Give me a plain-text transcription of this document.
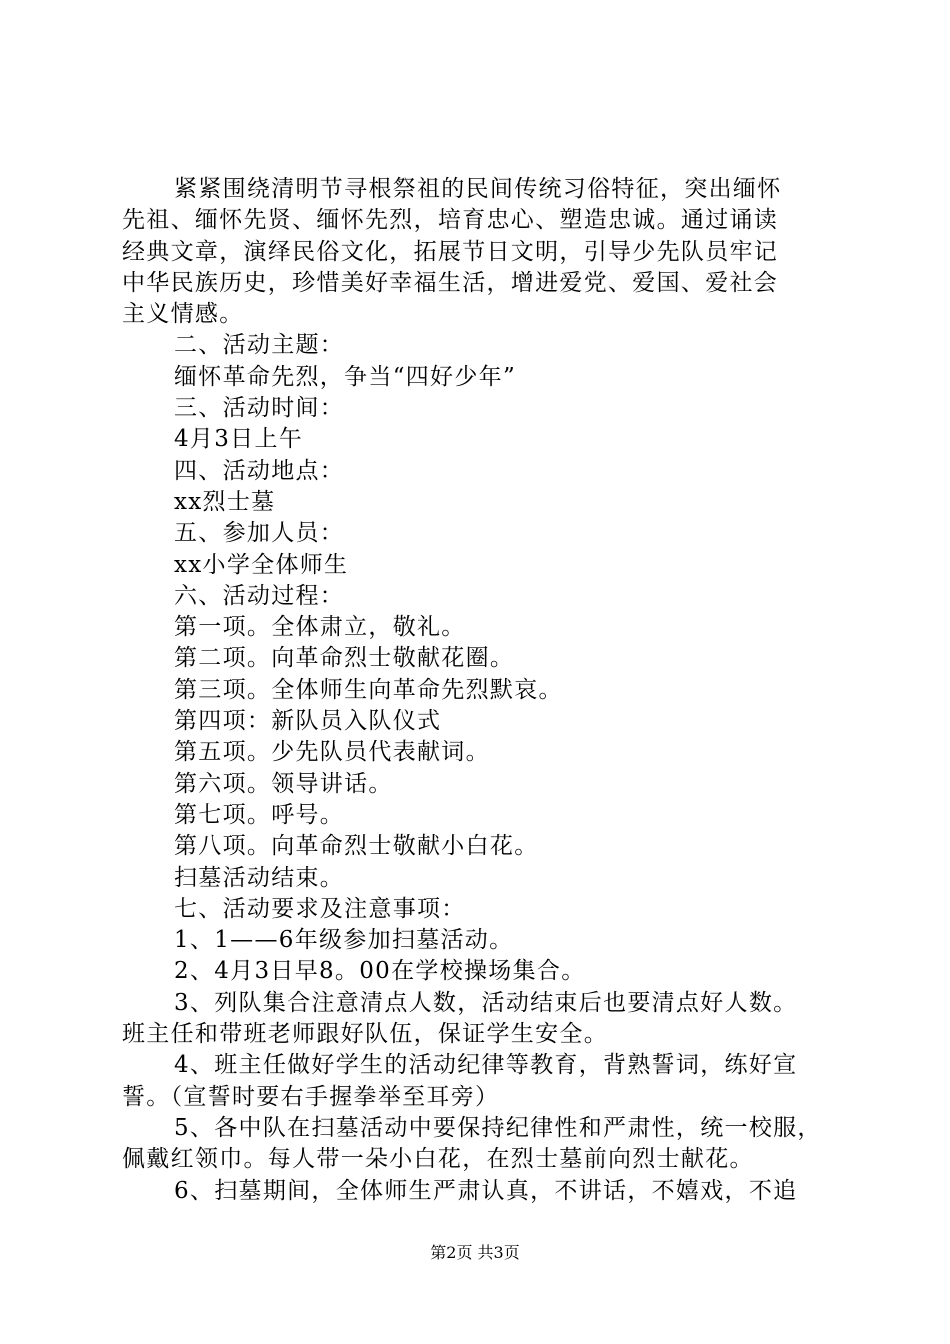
紧紧围绕清明节寻根祭祖的民间传统习俗特征，突出缅怀
先祖、缅怀先贤、缅怀先烈，培育忠心、塑造忠诚。通过诵读
经典文章，演绎民俗文化，拓展节日文明，引导少先队员牢记
中华民族历史，珍惜美好幸福生活，增进爱党、爱国、爱社会
主义情感。
二、活动主题：
缅怀革命先烈，争当“四好少年”
三、活动时间：
4月3日上午
四、活动地点：
xx烈士墓
五、参加人员：
xx小学全体师生
六、活动过程：
第一项。全体肃立，敬礼。
第二项。向革命烈士敬献花圈。
第三项。全体师生向革命先烈默哀。
第四项：新队员入队仪式
第五项。少先队员代表献词。
第六项。领导讲话。
第七项。呼号。
第八项。向革命烈士敬献小白花。
扫墓活动结束。
七、活动要求及注意事项：
1、1——6年级参加扫墓活动。
2、4月3日早8。00在学校操场集合。
3、列队集合注意清点人数，活动结束后也要清点好人数。
班主任和带班老师跟好队伍，保证学生安全。
4、班主任做好学生的活动纪律等教育，背熟誓词，练好宣
誓。（宣誓时要右手握拳举至耳旁）
5、各中队在扫墓活动中要保持纪律性和严肃性，统一校服，
佩戴红领巾。每人带一朵小白花，在烈士墓前向烈士献花。
6、扫墓期间，全体师生严肃认真，不讲话，不嬉戏，不追
第2页 共3页
